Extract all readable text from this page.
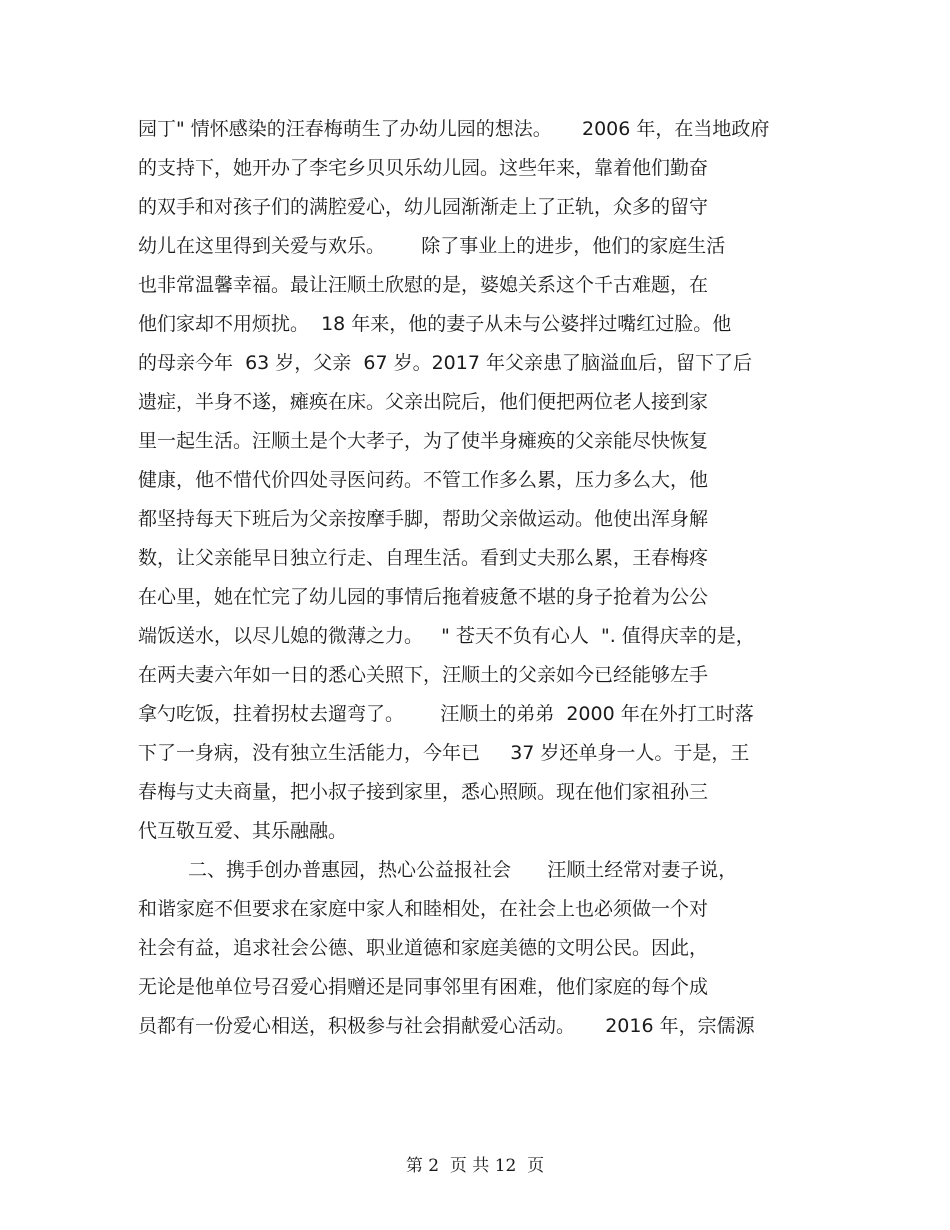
园丁" 情怀感染的汪春梅萌生了办幼儿园的想法。     2006 年，在当地政府
的支持下，她开办了李宅乡贝贝乐幼儿园。这些年来，靠着他们勤奋
的双手和对孩子们的满腔爱心，幼儿园渐渐走上了正轨，众多的留守
幼儿在这里得到关爱与欢乐。      除了事业上的进步，他们的家庭生活
也非常温馨幸福。最让汪顺土欣慰的是，婆媳关系这个千古难题，在
他们家却不用烦扰。  18 年来，他的妻子从未与公婆拌过嘴红过脸。他
的母亲今年  63 岁，父亲  67 岁。2017 年父亲患了脑溢血后，留下了后
遗症，半身不遂，瘫痪在床。父亲出院后，他们便把两位老人接到家
里一起生活。汪顺土是个大孝子，为了使半身瘫痪的父亲能尽快恢复
健康，他不惜代价四处寻医问药。不管工作多么累，压力多么大，他
都坚持每天下班后为父亲按摩手脚，帮助父亲做运动。他使出浑身解
数，让父亲能早日独立行走、自理生活。看到丈夫那么累，王春梅疼
在心里，她在忙完了幼儿园的事情后拖着疲惫不堪的身子抢着为公公
端饭送水，以尽儿媳的微薄之力。   " 苍天不负有心人  ". 值得庆幸的是，
在两夫妻六年如一日的悉心关照下，汪顺土的父亲如今已经能够左手
拿勺吃饭，拄着拐杖去遛弯了。      汪顺土的弟弟  2000 年在外打工时落
下了一身病，没有独立生活能力，今年已     37 岁还单身一人。于是，王
春梅与丈夫商量，把小叔子接到家里，悉心照顾。现在他们家祖孙三
代互敬互爱、其乐融融。
二、携手创办普惠园，热心公益报社会      汪顺土经常对妻子说，
和谐家庭不但要求在家庭中家人和睦相处，在社会上也必须做一个对
社会有益，追求社会公德、职业道德和家庭美德的文明公民。因此，
无论是他单位号召爱心捐赠还是同事邻里有困难，他们家庭的每个成
员都有一份爱心相送，积极参与社会捐献爱心活动。     2016 年，宗儒源
第 2  页 共 12  页
